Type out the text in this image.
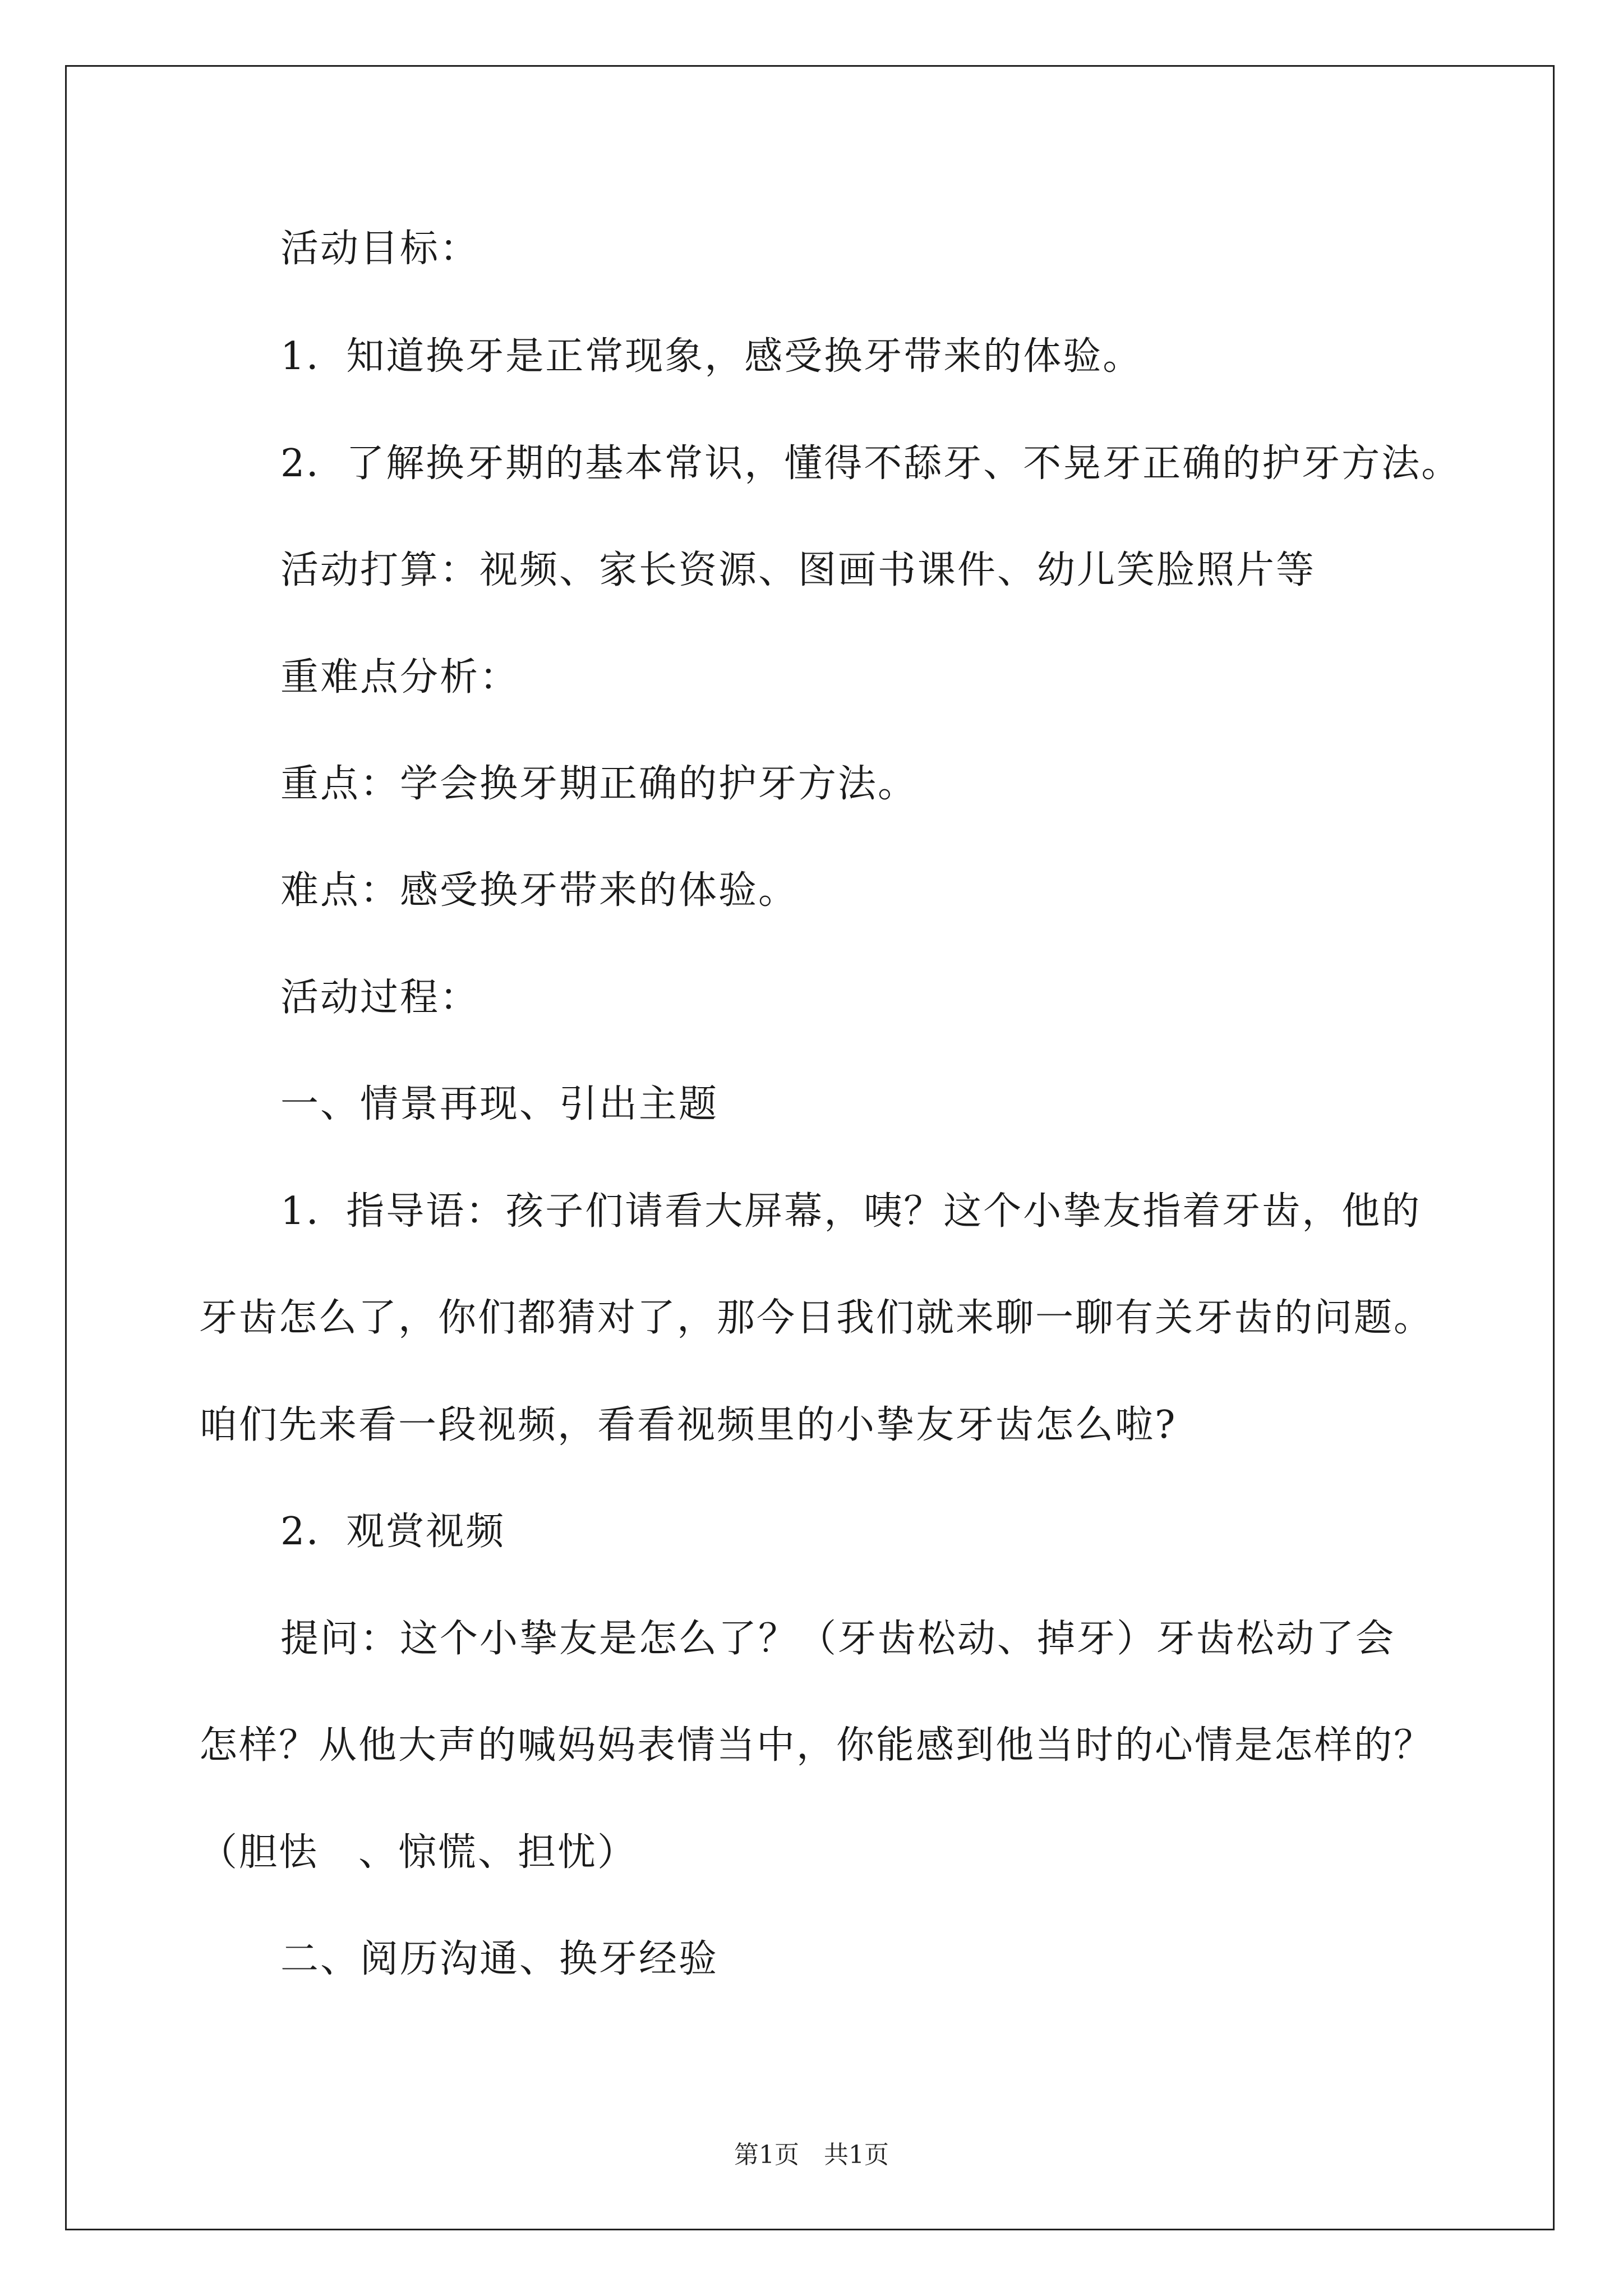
活动目标：

1．知道换牙是正常现象，感受换牙带来的体验。

2．了解换牙期的基本常识，懂得不舔牙、不晃牙正确的护牙方法。

活动打算：视频、家长资源、图画书课件、幼儿笑脸照片等

重难点分析：

重点：学会换牙期正确的护牙方法。

难点：感受换牙带来的体验。

活动过程：

一、情景再现、引出主题

1．指导语：孩子们请看大屏幕，咦？这个小挚友指着牙齿，他的

牙齿怎么了，你们都猜对了，那今日我们就来聊一聊有关牙齿的问题。

咱们先来看一段视频，看看视频里的小挚友牙齿怎么啦?

2．观赏视频

提问：这个小挚友是怎么了？（牙齿松动、掉牙）牙齿松动了会

怎样？从他大声的喊妈妈表情当中，你能感到他当时的心情是怎样的？

（胆怯　、惊慌、担忧）

二、阅历沟通、换牙经验

第1页　共1页
